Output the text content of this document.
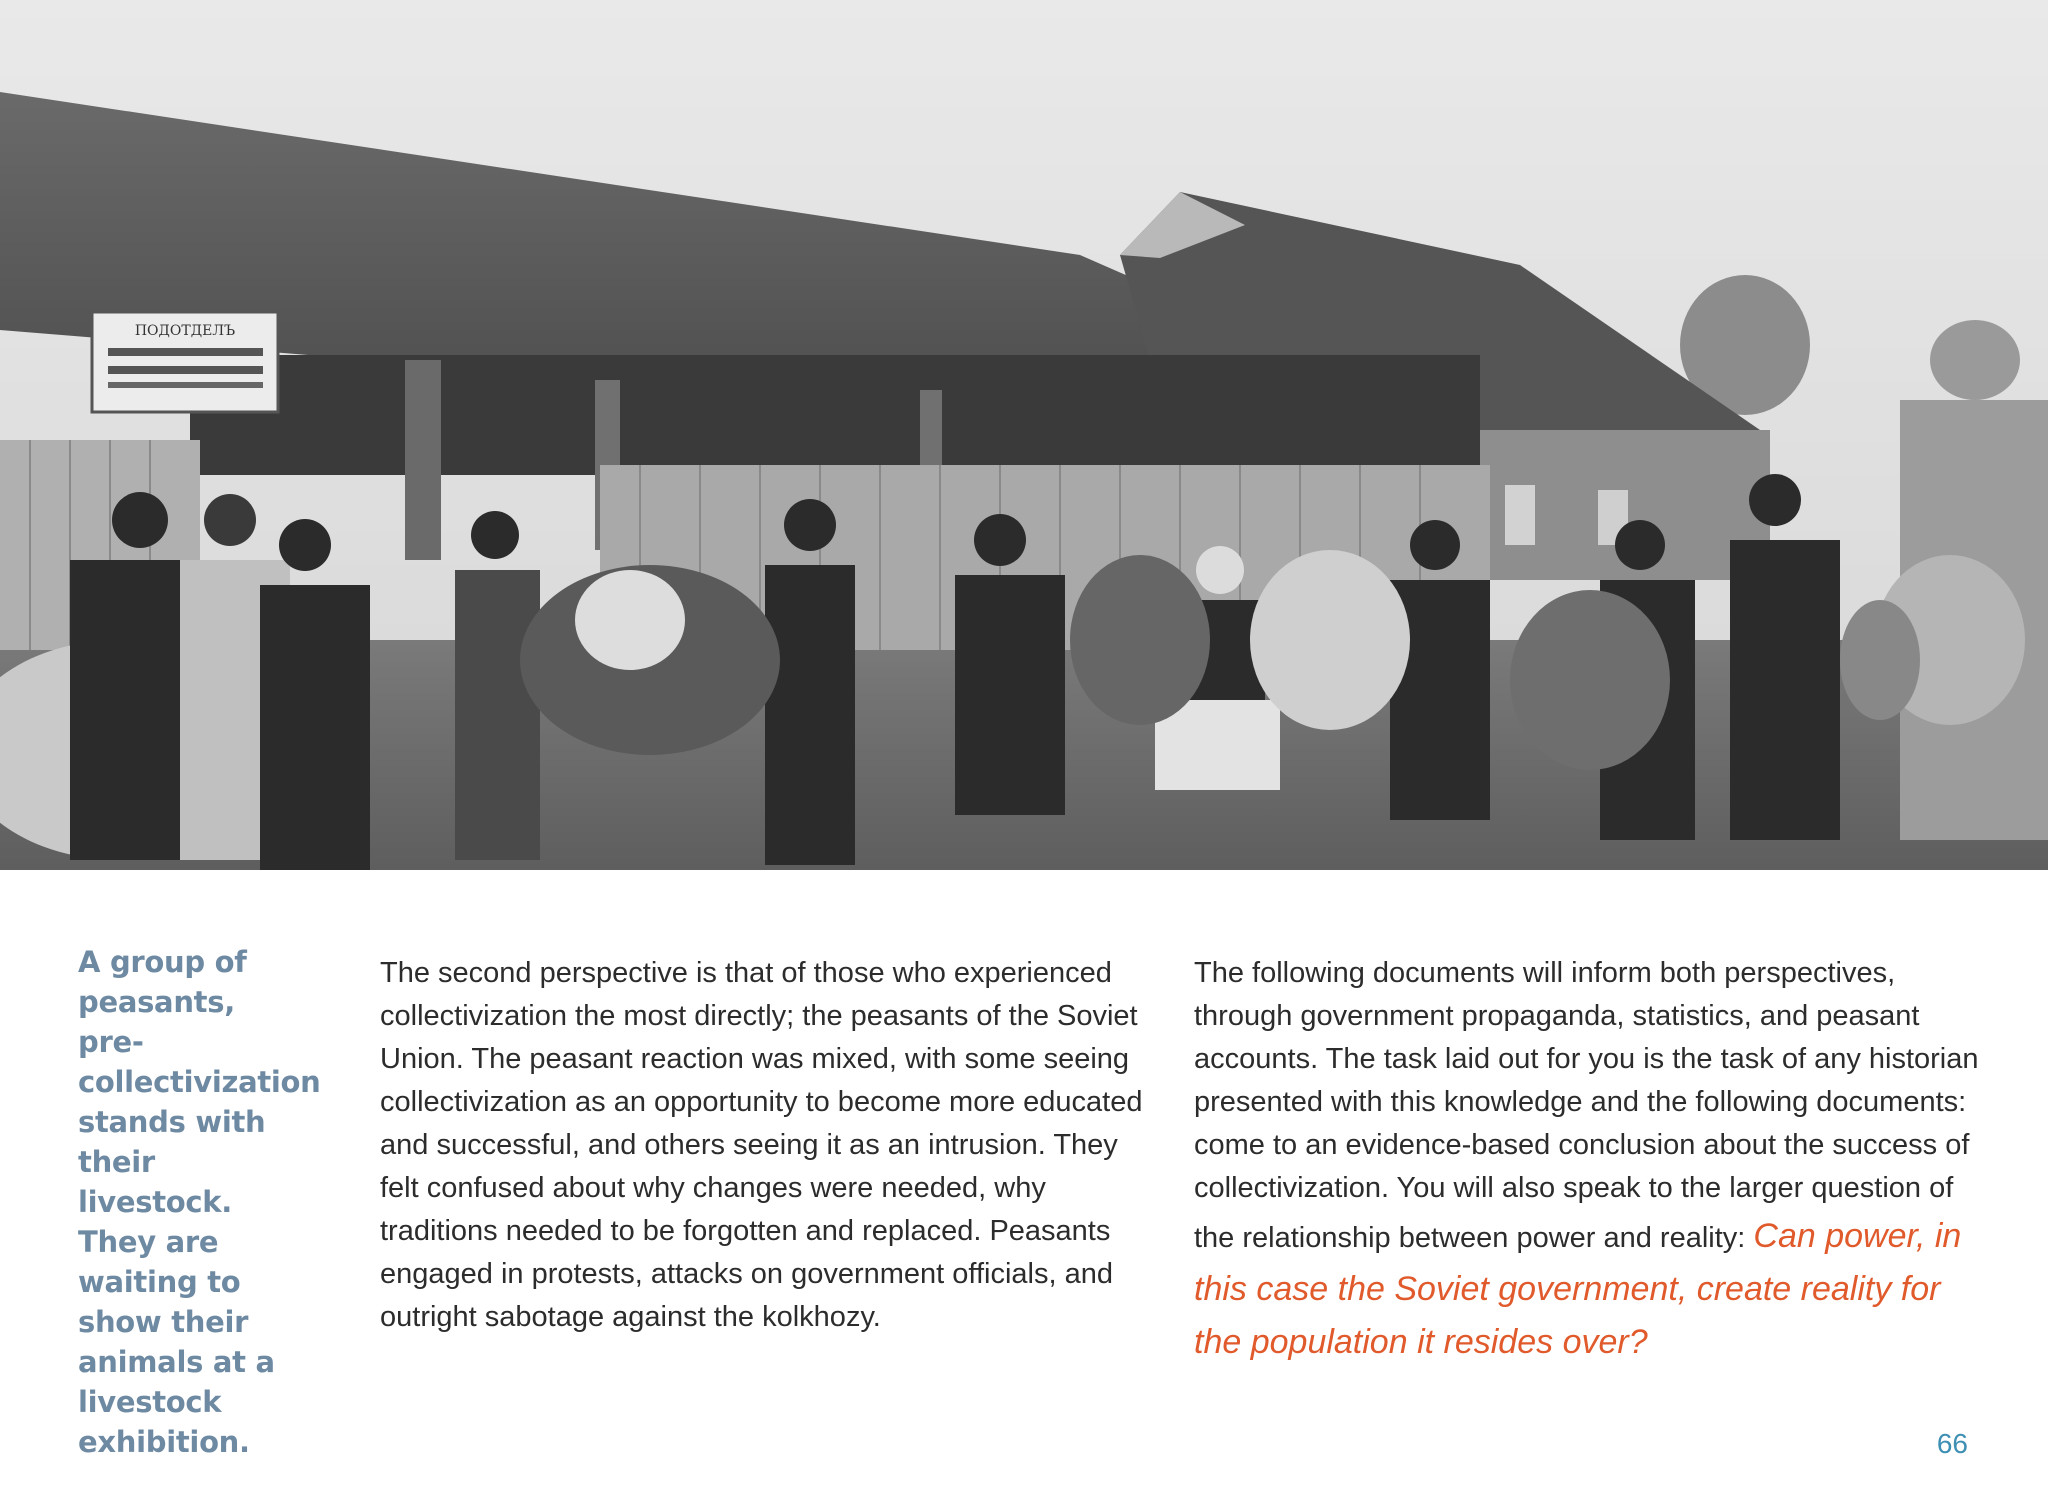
ПОДОТДЕЛЪ
A group of peasants, pre-collectivization stands with their livestock. They are waiting to show their animals at a livestock exhibition.
The second perspective is that of those who experienced collectivization the most directly; the peasants of the Soviet Union. The peasant reaction was mixed, with some seeing collectivization as an opportunity to become more educated and successful, and others seeing it as an intrusion. They felt confused about why changes were needed, why traditions needed to be forgotten and replaced. Peasants engaged in protests, attacks on government officials, and outright sabotage against the kolkhozy.
The following documents will inform both perspectives, through government propaganda, statistics, and peasant accounts. The task laid out for you is the task of any historian presented with this knowledge and the following documents: come to an evidence-based conclusion about the success of collectivization. You will also speak to the larger question of the relationship between power and reality: Can power, in this case the Soviet government, create reality for the population it resides over?
66
